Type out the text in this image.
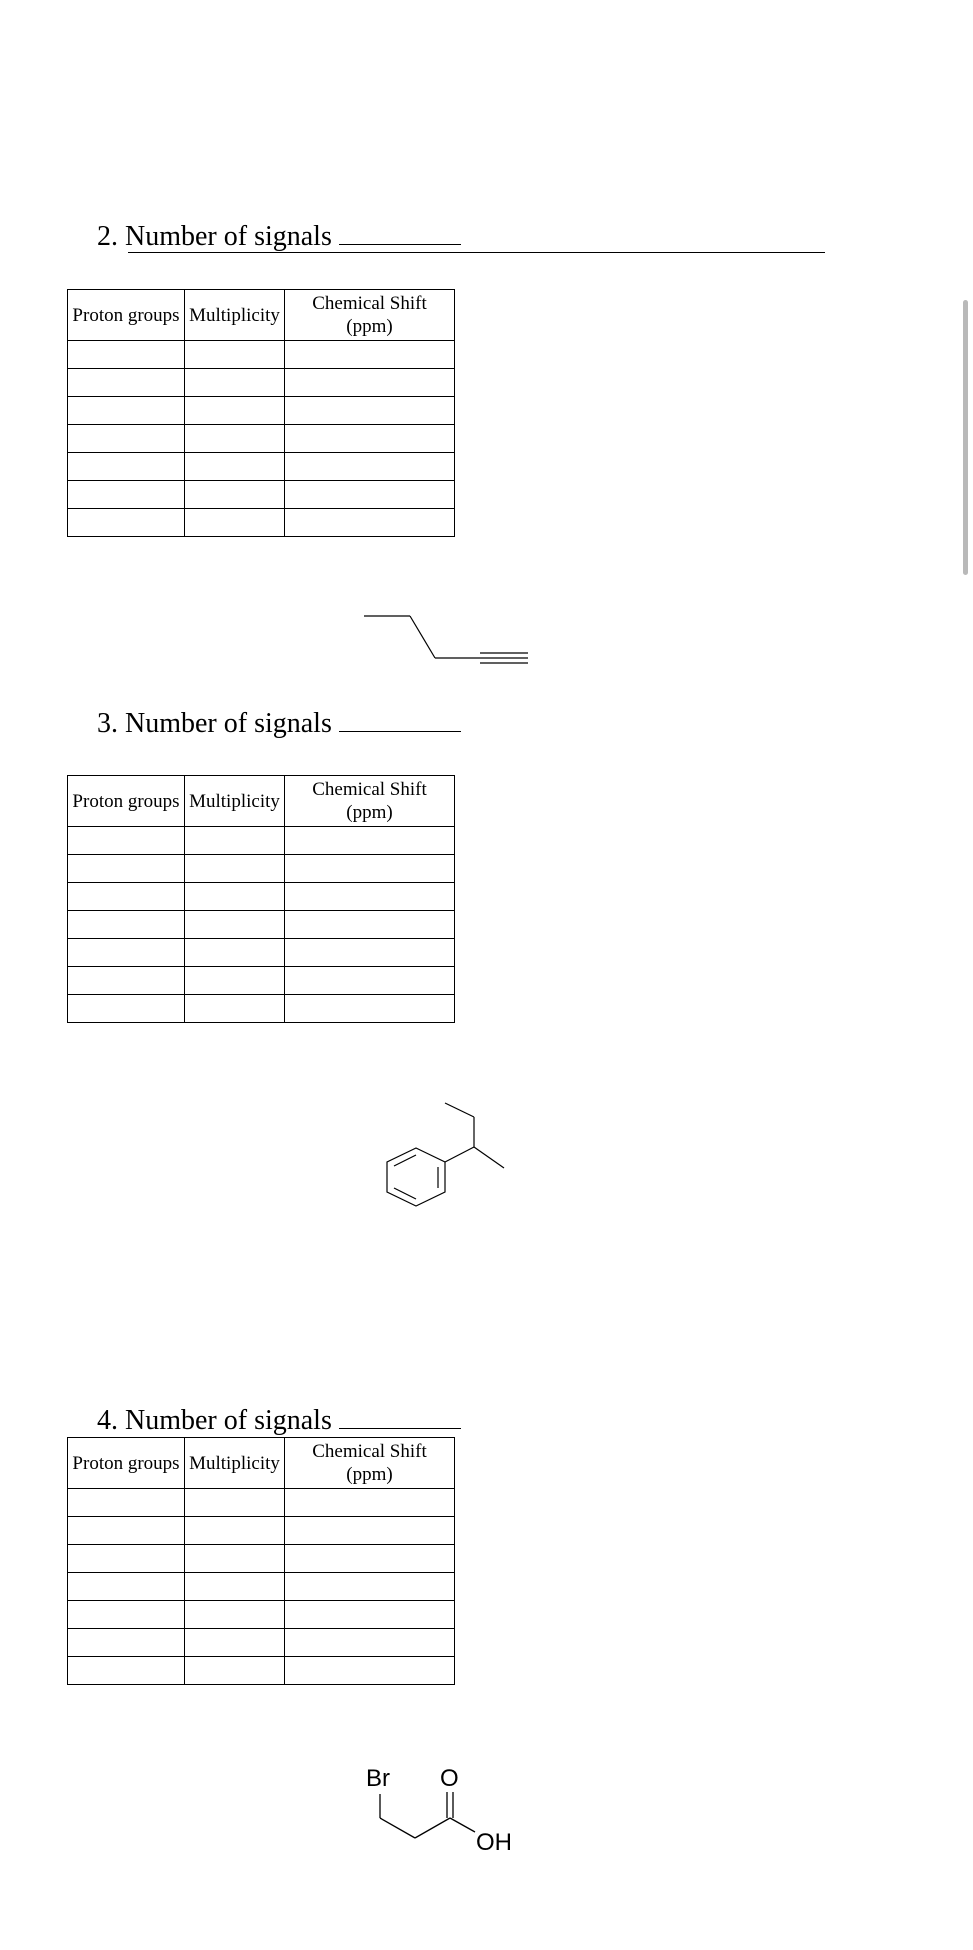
2. Number of signals
Proton groups	Multiplicity	Chemical Shift
(ppm)

3. Number of signals
Proton groups	Multiplicity	Chemical Shift
(ppm)

4. Number of signals
Proton groups	Multiplicity	Chemical Shift
(ppm)

Br O
OH
